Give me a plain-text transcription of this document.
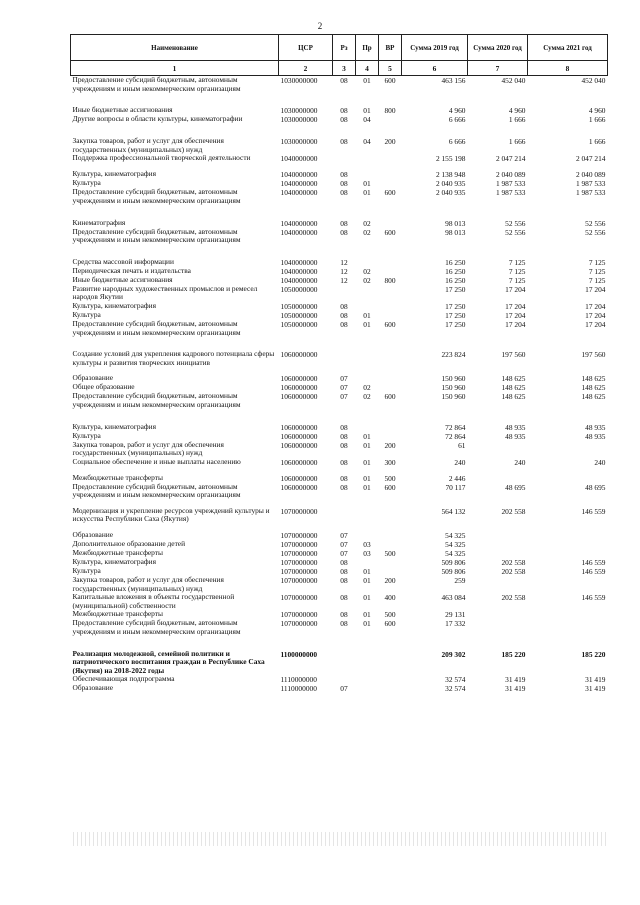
2
Наименование	ЦСР	Рз	Пр	ВР	Сумма 2019 год	Сумма 2020 год	Сумма 2021 год
1	2	3	4	5	6	7	8
Предоставление субсидий бюджетным, автономным учреждениям и иным некоммерческим организациям	1030000000	08	01	600	463 156	452 040	452 040

Иные бюджетные ассигнования	1030000000	08	01	800	4 960	4 960	4 960
Другие вопросы в области культуры, кинематографии	1030000000	08	04		6 666	1 666	1 666

Закупка товаров, работ и услуг для обеспечения государственных (муниципальных) нужд	1030000000	08	04	200	6 666	1 666	1 666
Поддержка профессиональной творческой деятельности	1040000000				2 155 198	2 047 214	2 047 214

Культура, кинематография	1040000000	08			2 138 948	2 040 089	2 040 089
Культура	1040000000	08	01		2 040 935	1 987 533	1 987 533
Предоставление субсидий бюджетным, автономным учреждениям и иным некоммерческим организациям	1040000000	08	01	600	2 040 935	1 987 533	1 987 533

Кинематография	1040000000	08	02		98 013	52 556	52 556
Предоставление субсидий бюджетным, автономным учреждениям и иным некоммерческим организациям	1040000000	08	02	600	98 013	52 556	52 556

Средства массовой информации	1040000000	12			16 250	7 125	7 125
Периодическая печать и издательства	1040000000	12	02		16 250	7 125	7 125
Иные бюджетные ассигнования	1040000000	12	02	800	16 250	7 125	7 125
Развитие народных художественных промыслов и ремесел народов Якутии	1050000000				17 250	17 204	17 204
Культура, кинематография	1050000000	08			17 250	17 204	17 204
Культура	1050000000	08	01		17 250	17 204	17 204
Предоставление субсидий бюджетным, автономным учреждениям и иным некоммерческим организациям	1050000000	08	01	600	17 250	17 204	17 204

Создание условий для укрепления кадрового потенциала сферы культуры и развития творческих инициатив	1060000000				223 824	197 560	197 560

Образование	1060000000	07			150 960	148 625	148 625
Общее образование	1060000000	07	02		150 960	148 625	148 625
Предоставление субсидий бюджетным, автономным учреждениям и иным некоммерческим организациям	1060000000	07	02	600	150 960	148 625	148 625

Культура, кинематография	1060000000	08			72 864	48 935	48 935
Культура	1060000000	08	01		72 864	48 935	48 935
Закупка товаров, работ и услуг для обеспечения государственных (муниципальных) нужд	1060000000	08	01	200	61		
Социальное обеспечение и иные выплаты населению	1060000000	08	01	300	240	240	240

Межбюджетные трансферты	1060000000	08	01	500	2 446		
Предоставление субсидий бюджетным, автономным учреждениям и иным некоммерческим организациям	1060000000	08	01	600	70 117	48 695	48 695

Модернизация и укрепление ресурсов учреждений культуры и искусства Республики Саха (Якутия)	1070000000				564 132	202 558	146 559

Образование	1070000000	07			54 325		
Дополнительное образование детей	1070000000	07	03		54 325		
Межбюджетные трансферты	1070000000	07	03	500	54 325		
Культура, кинематография	1070000000	08			509 806	202 558	146 559
Культура	1070000000	08	01		509 806	202 558	146 559
Закупка товаров, работ и услуг для обеспечения государственных (муниципальных) нужд	1070000000	08	01	200	259		
Капитальные вложения в объекты государственной (муниципальной) собственности	1070000000	08	01	400	463 084	202 558	146 559
Межбюджетные трансферты	1070000000	08	01	500	29 131		
Предоставление субсидий бюджетным, автономным учреждениям и иным некоммерческим организациям	1070000000	08	01	600	17 332		

Реализация молодежной, семейной политики и патриотического воспитания граждан в Республике Саха (Якутия) на 2018-2022 годы	1100000000				209 302	185 220	185 220
Обеспечивающая подпрограмма	1110000000				32 574	31 419	31 419
Образование	1110000000	07			32 574	31 419	31 419
